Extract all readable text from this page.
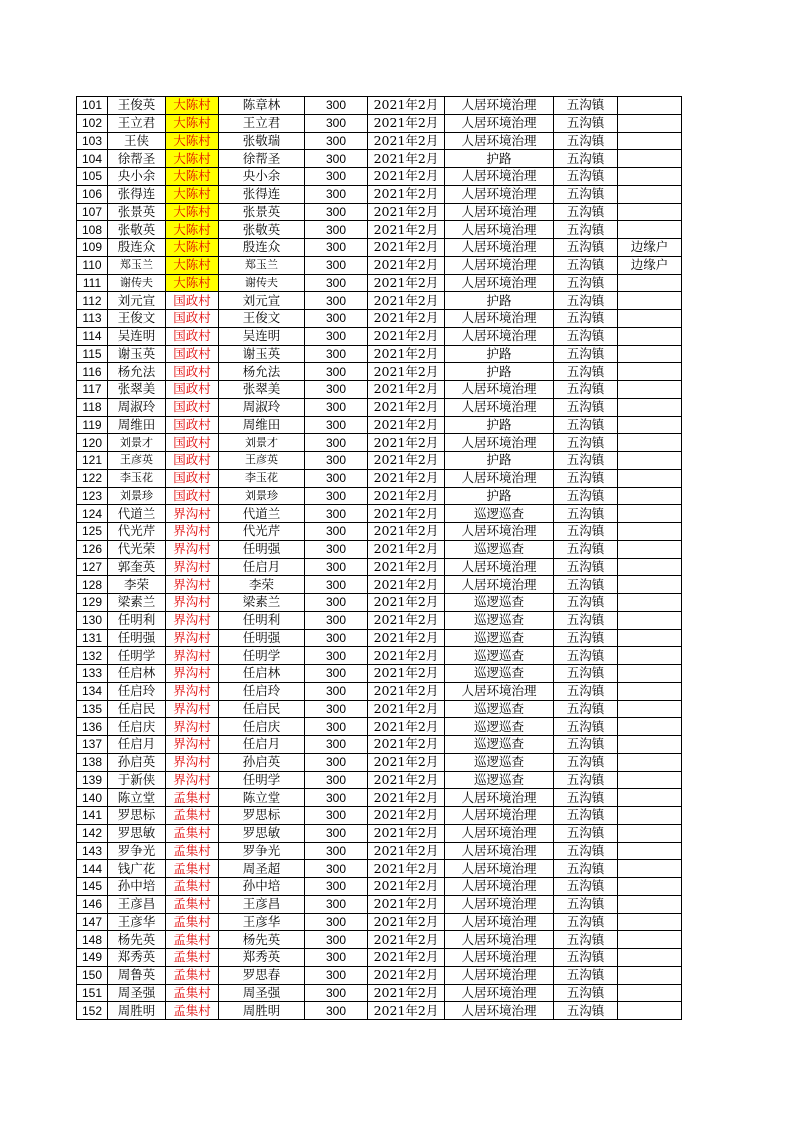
101	王俊英	大陈村	陈章林	300	2021年2月	人居环境治理	五沟镇	
102	王立君	大陈村	王立君	300	2021年2月	人居环境治理	五沟镇	
103	王侠	大陈村	张敬瑞	300	2021年2月	人居环境治理	五沟镇	
104	徐帮圣	大陈村	徐帮圣	300	2021年2月	护路	五沟镇	
105	央小余	大陈村	央小余	300	2021年2月	人居环境治理	五沟镇	
106	张得连	大陈村	张得连	300	2021年2月	人居环境治理	五沟镇	
107	张景英	大陈村	张景英	300	2021年2月	人居环境治理	五沟镇	
108	张敬英	大陈村	张敬英	300	2021年2月	人居环境治理	五沟镇	
109	殷连众	大陈村	殷连众	300	2021年2月	人居环境治理	五沟镇	边缘户
110	郑玉兰	大陈村	郑玉兰	300	2021年2月	人居环境治理	五沟镇	边缘户
111	谢传夫	大陈村	谢传夫	300	2021年2月	人居环境治理	五沟镇	
112	刘元宣	国政村	刘元宣	300	2021年2月	护路	五沟镇	
113	王俊文	国政村	王俊文	300	2021年2月	人居环境治理	五沟镇	
114	吴连明	国政村	吴连明	300	2021年2月	人居环境治理	五沟镇	
115	谢玉英	国政村	谢玉英	300	2021年2月	护路	五沟镇	
116	杨允法	国政村	杨允法	300	2021年2月	护路	五沟镇	
117	张翠美	国政村	张翠美	300	2021年2月	人居环境治理	五沟镇	
118	周淑玲	国政村	周淑玲	300	2021年2月	人居环境治理	五沟镇	
119	周维田	国政村	周维田	300	2021年2月	护路	五沟镇	
120	刘景才	国政村	刘景才	300	2021年2月	人居环境治理	五沟镇	
121	王彦英	国政村	王彦英	300	2021年2月	护路	五沟镇	
122	李玉花	国政村	李玉花	300	2021年2月	人居环境治理	五沟镇	
123	刘景珍	国政村	刘景珍	300	2021年2月	护路	五沟镇	
124	代道兰	界沟村	代道兰	300	2021年2月	巡逻巡查	五沟镇	
125	代光芹	界沟村	代光芹	300	2021年2月	人居环境治理	五沟镇	
126	代光荣	界沟村	任明强	300	2021年2月	巡逻巡查	五沟镇	
127	郭奎英	界沟村	任启月	300	2021年2月	人居环境治理	五沟镇	
128	李荣	界沟村	李荣	300	2021年2月	人居环境治理	五沟镇	
129	梁素兰	界沟村	梁素兰	300	2021年2月	巡逻巡查	五沟镇	
130	任明利	界沟村	任明利	300	2021年2月	巡逻巡查	五沟镇	
131	任明强	界沟村	任明强	300	2021年2月	巡逻巡查	五沟镇	
132	任明学	界沟村	任明学	300	2021年2月	巡逻巡查	五沟镇	
133	任启林	界沟村	任启林	300	2021年2月	巡逻巡查	五沟镇	
134	任启玲	界沟村	任启玲	300	2021年2月	人居环境治理	五沟镇	
135	任启民	界沟村	任启民	300	2021年2月	巡逻巡查	五沟镇	
136	任启庆	界沟村	任启庆	300	2021年2月	巡逻巡查	五沟镇	
137	任启月	界沟村	任启月	300	2021年2月	巡逻巡查	五沟镇	
138	孙启英	界沟村	孙启英	300	2021年2月	巡逻巡查	五沟镇	
139	于新侠	界沟村	任明学	300	2021年2月	巡逻巡查	五沟镇	
140	陈立堂	孟集村	陈立堂	300	2021年2月	人居环境治理	五沟镇	
141	罗思标	孟集村	罗思标	300	2021年2月	人居环境治理	五沟镇	
142	罗思敏	孟集村	罗思敏	300	2021年2月	人居环境治理	五沟镇	
143	罗争光	孟集村	罗争光	300	2021年2月	人居环境治理	五沟镇	
144	钱广花	孟集村	周圣超	300	2021年2月	人居环境治理	五沟镇	
145	孙中培	孟集村	孙中培	300	2021年2月	人居环境治理	五沟镇	
146	王彦昌	孟集村	王彦昌	300	2021年2月	人居环境治理	五沟镇	
147	王彦华	孟集村	王彦华	300	2021年2月	人居环境治理	五沟镇	
148	杨先英	孟集村	杨先英	300	2021年2月	人居环境治理	五沟镇	
149	郑秀英	孟集村	郑秀英	300	2021年2月	人居环境治理	五沟镇	
150	周鲁英	孟集村	罗思春	300	2021年2月	人居环境治理	五沟镇	
151	周圣强	孟集村	周圣强	300	2021年2月	人居环境治理	五沟镇	
152	周胜明	孟集村	周胜明	300	2021年2月	人居环境治理	五沟镇	
